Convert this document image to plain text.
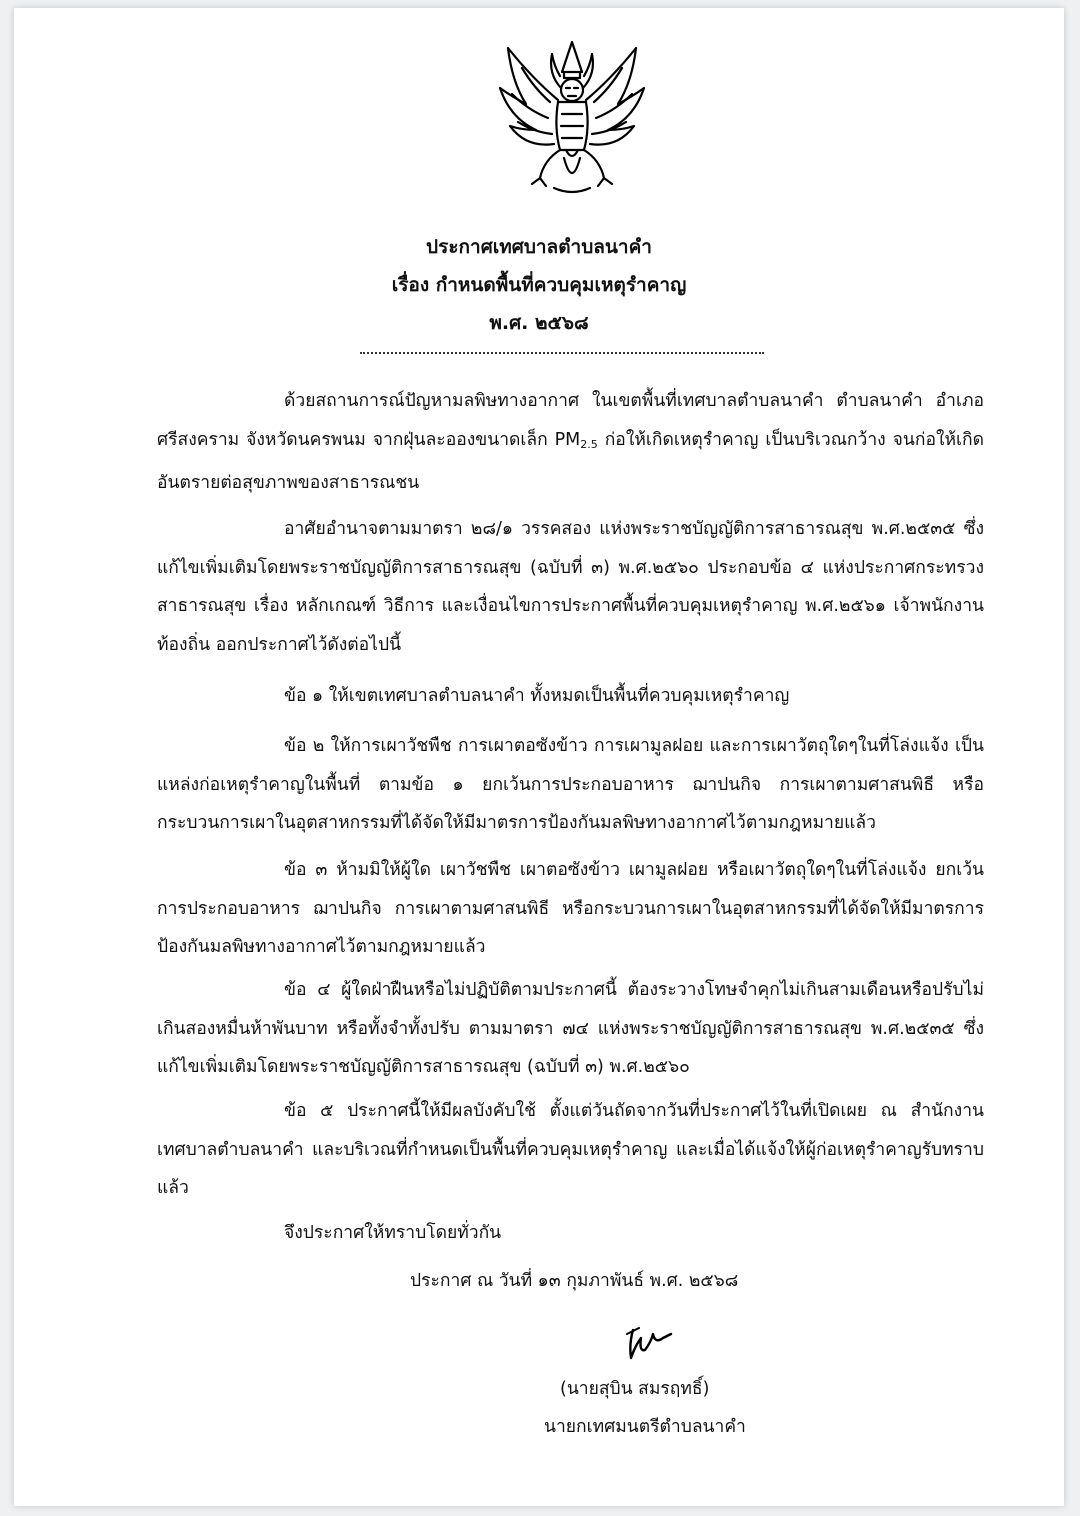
ประกาศเทศบาลตำบลนาคำ
เรื่อง กำหนดพื้นที่ควบคุมเหตุรำคาญ
พ.ศ. ๒๕๖๘
ด้วยสถานการณ์ปัญหามลพิษทางอากาศ ในเขตพื้นที่เทศบาลตำบลนาคำ ตำบลนาคำ อำเภอศรีสงคราม จังหวัดนครพนม จากฝุ่นละอองขนาดเล็ก $PM_{2.5}$ ก่อให้เกิดเหตุรำคาญ เป็นบริเวณกว้าง จนก่อให้เกิดอันตรายต่อสุขภาพของสาธารณชน
อาศัยอำนาจตามมาตรา ๒๘/๑ วรรคสอง แห่งพระราชบัญญัติการสาธารณสุข พ.ศ.๒๕๓๕ ซึ่งแก้ไขเพิ่มเติมโดยพระราชบัญญัติการสาธารณสุข (ฉบับที่ ๓) พ.ศ.๒๕๖๐ ประกอบข้อ ๔ แห่งประกาศกระทรวงสาธารณสุข เรื่อง หลักเกณฑ์ วิธีการ และเงื่อนไขการประกาศพื้นที่ควบคุมเหตุรำคาญ พ.ศ.๒๕๖๑ เจ้าพนักงานท้องถิ่น ออกประกาศไว้ดังต่อไปนี้
ข้อ ๑ ให้เขตเทศบาลตำบลนาคำ ทั้งหมดเป็นพื้นที่ควบคุมเหตุรำคาญ
ข้อ ๒ ให้การเผาวัชพืช การเผาตอซังข้าว การเผามูลฝอย และการเผาวัตถุใดๆในที่โล่งแจ้ง เป็นแหล่งก่อเหตุรำคาญในพื้นที่ ตามข้อ ๑ ยกเว้นการประกอบอาหาร ฌาปนกิจ การเผาตามศาสนพิธี หรือกระบวนการเผาในอุตสาหกรรมที่ได้จัดให้มีมาตรการป้องกันมลพิษทางอากาศไว้ตามกฎหมายแล้ว
ข้อ ๓ ห้ามมิให้ผู้ใด เผาวัชพืช เผาตอซังข้าว เผามูลฝอย หรือเผาวัตถุใดๆในที่โล่งแจ้ง ยกเว้นการประกอบอาหาร ฌาปนกิจ การเผาตามศาสนพิธี หรือกระบวนการเผาในอุตสาหกรรมที่ได้จัดให้มีมาตรการป้องกันมลพิษทางอากาศไว้ตามกฎหมายแล้ว
ข้อ ๔ ผู้ใดฝ่าฝืนหรือไม่ปฏิบัติตามประกาศนี้ ต้องระวางโทษจำคุกไม่เกินสามเดือนหรือปรับไม่เกินสองหมื่นห้าพันบาท หรือทั้งจำทั้งปรับ ตามมาตรา ๗๔ แห่งพระราชบัญญัติการสาธารณสุข พ.ศ.๒๕๓๕ ซึ่งแก้ไขเพิ่มเติมโดยพระราชบัญญัติการสาธารณสุข (ฉบับที่ ๓) พ.ศ.๒๕๖๐
ข้อ ๕ ประกาศนี้ให้มีผลบังคับใช้ ตั้งแต่วันถัดจากวันที่ประกาศไว้ในที่เปิดเผย ณ สำนักงานเทศบาลตำบลนาคำ และบริเวณที่กำหนดเป็นพื้นที่ควบคุมเหตุรำคาญ และเมื่อได้แจ้งให้ผู้ก่อเหตุรำคาญรับทราบแล้ว
จึงประกาศให้ทราบโดยทั่วกัน
ประกาศ ณ วันที่ ๑๓ กุมภาพันธ์ พ.ศ. ๒๕๖๘
(นายสุบิน สมรฤทธิ์)
นายกเทศมนตรีตำบลนาคำ
